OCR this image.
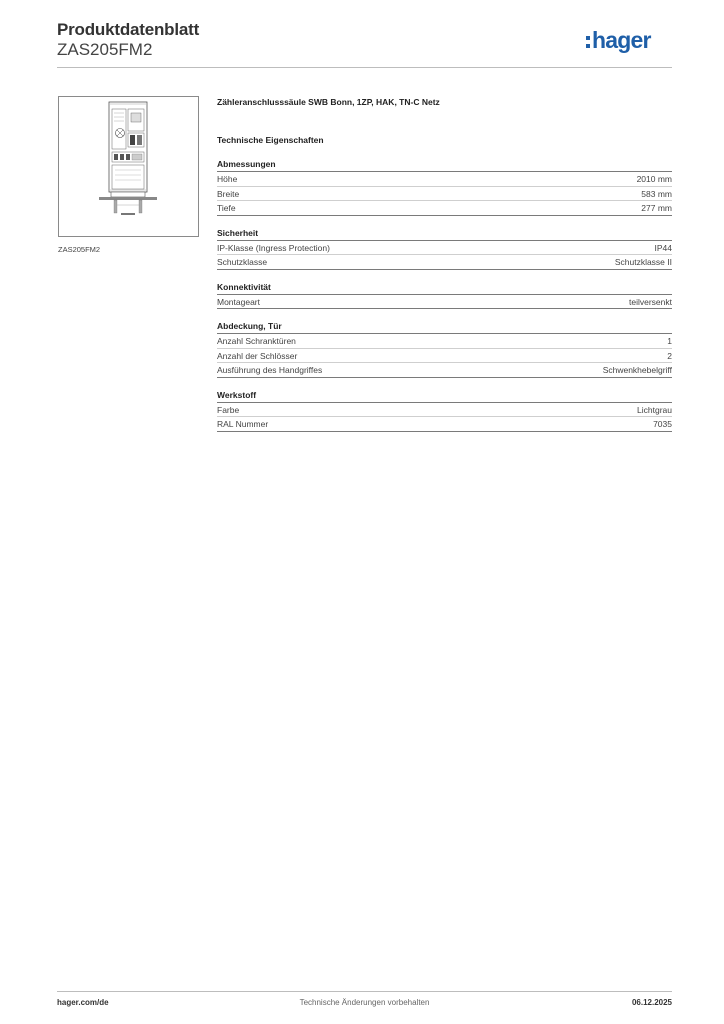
Produktdatenblatt
ZAS205FM2	hager
ZAS205FM2
Zähleranschlusssäule SWB Bonn, 1ZP, HAK, TN-C Netz
Technische Eigenschaften
Abmessungen
Höhe	2010 mm
Breite	583 mm
Tiefe	277 mm
Sicherheit
IP-Klasse (Ingress Protection)	IP44
Schutzklasse	Schutzklasse II
Konnektivität
Montageart	teilversenkt
Abdeckung, Tür
Anzahl Schranktüren	1
Anzahl der Schlösser	2
Ausführung des Handgriffes	Schwenkhebelgriff
Werkstoff
Farbe	Lichtgrau
RAL Nummer	7035
hager.com/de	Technische Änderungen vorbehalten	06.12.2025
